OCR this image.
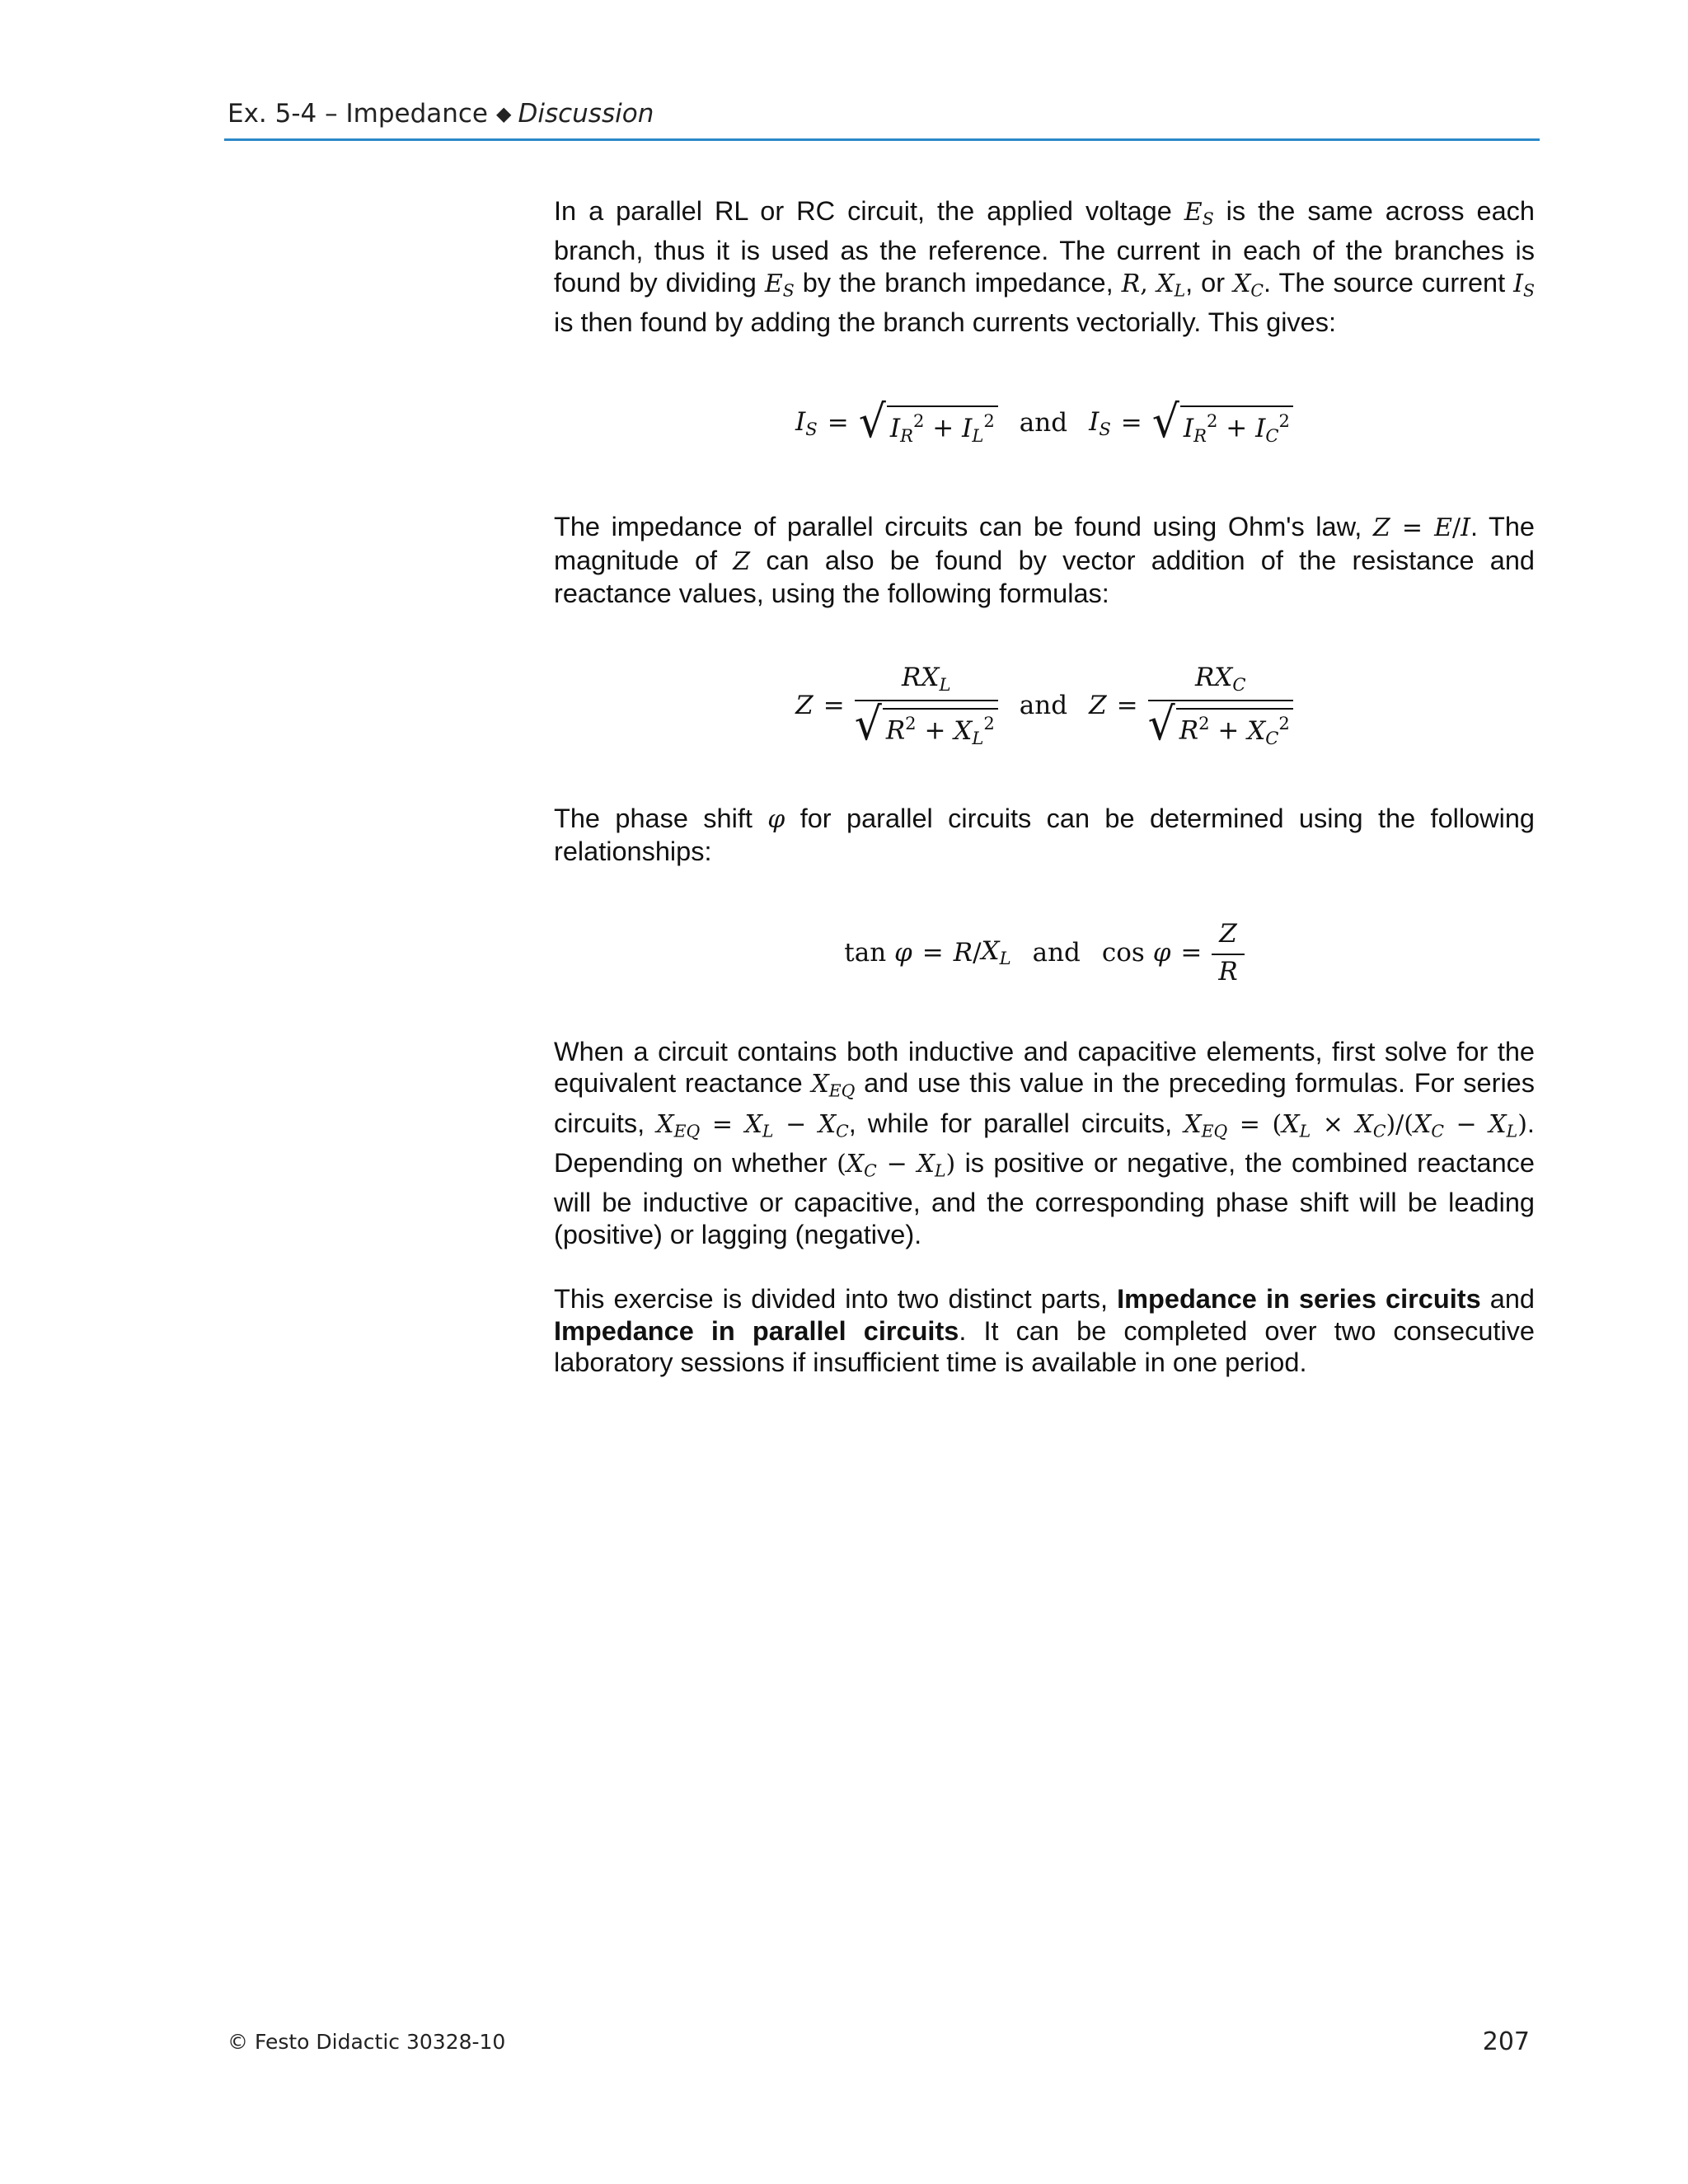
Ex. 5-4 – Impedance ◆ Discussion

In a parallel RL or RC circuit, the applied voltage $E_S$ is the same across each branch, thus it is used as the reference. The current in each of the branches is found by dividing $E_S$ by the branch impedance, R, $X_L$, or $X_C$. The source current $I_S$ is then found by adding the branch currents vectorially. This gives:

$I_S$ = √ $I_R^2 + I_L^2$ and $I_S$ = √ $I_R^2 + I_C^2$

The impedance of parallel circuits can be found using Ohm's law, Z = E/I. The magnitude of Z can also be found by vector addition of the resistance and reactance values, using the following formulas:

$Z = \frac{RX_L}{√ R^2 + X_L^2}$ and $Z = \frac{RX_C}{√ R^2 + X_C^2}$

The phase shift φ for parallel circuits can be determined using the following relationships:

tan
$\varphi = R / X_L$ and cos
$\varphi = \frac{Z}{R}$

When a circuit contains both inductive and capacitive elements, first solve for the equivalent reactance $X_{EQ}$ and use this value in the preceding formulas. For series circuits, $X_{EQ} = X_L - X_C$, while for parallel circuits, $X_{EQ} = (X_L \times X_C)/(X_C - X_L)$. Depending on whether $(X_C - X_L)$ is positive or negative, the combined reactance will be inductive or capacitive, and the corresponding phase shift will be leading (positive) or lagging (negative).

This exercise is divided into two distinct parts, Impedance in series circuits and Impedance in parallel circuits. It can be completed over two consecutive laboratory sessions if insufficient time is available in one period.

© Festo Didactic 30328-10	207
